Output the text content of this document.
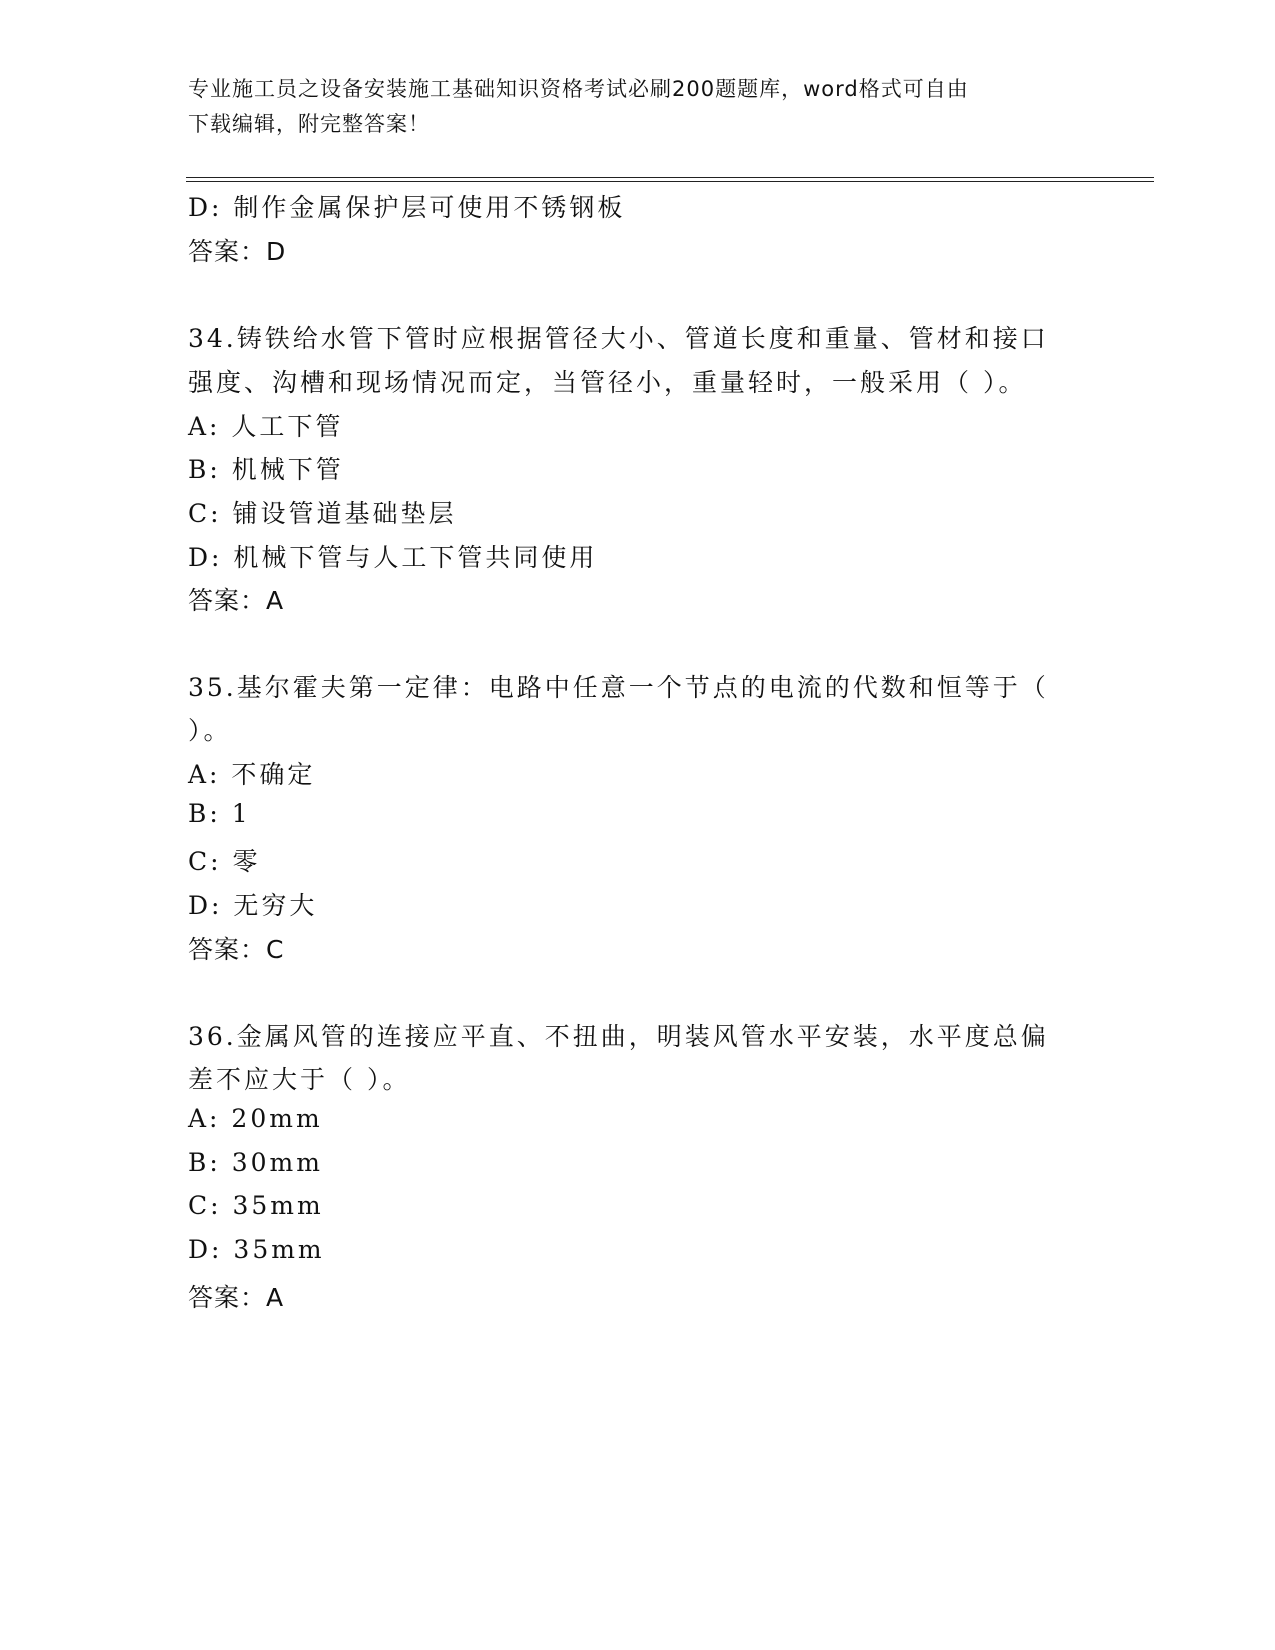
专业施工员之设备安装施工基础知识资格考试必刷200题题库，word格式可自由
下载编辑，附完整答案！
D: 制作金属保护层可使用不锈钢板
答案：D
34.铸铁给水管下管时应根据管径大小、管道长度和重量、管材和接口
强度、沟槽和现场情况而定，当管径小，重量轻时，一般采用（ ）。
A: 人工下管
B: 机械下管
C: 铺设管道基础垫层
D: 机械下管与人工下管共同使用
答案：A
35.基尔霍夫第一定律：电路中任意一个节点的电流的代数和恒等于（
）。
A: 不确定
B: 1
C: 零
D: 无穷大
答案：C
36.金属风管的连接应平直、不扭曲，明装风管水平安装，水平度总偏
差不应大于（ ）。
A: 20mm
B: 30mm
C: 35mm
D: 35mm
答案：A
